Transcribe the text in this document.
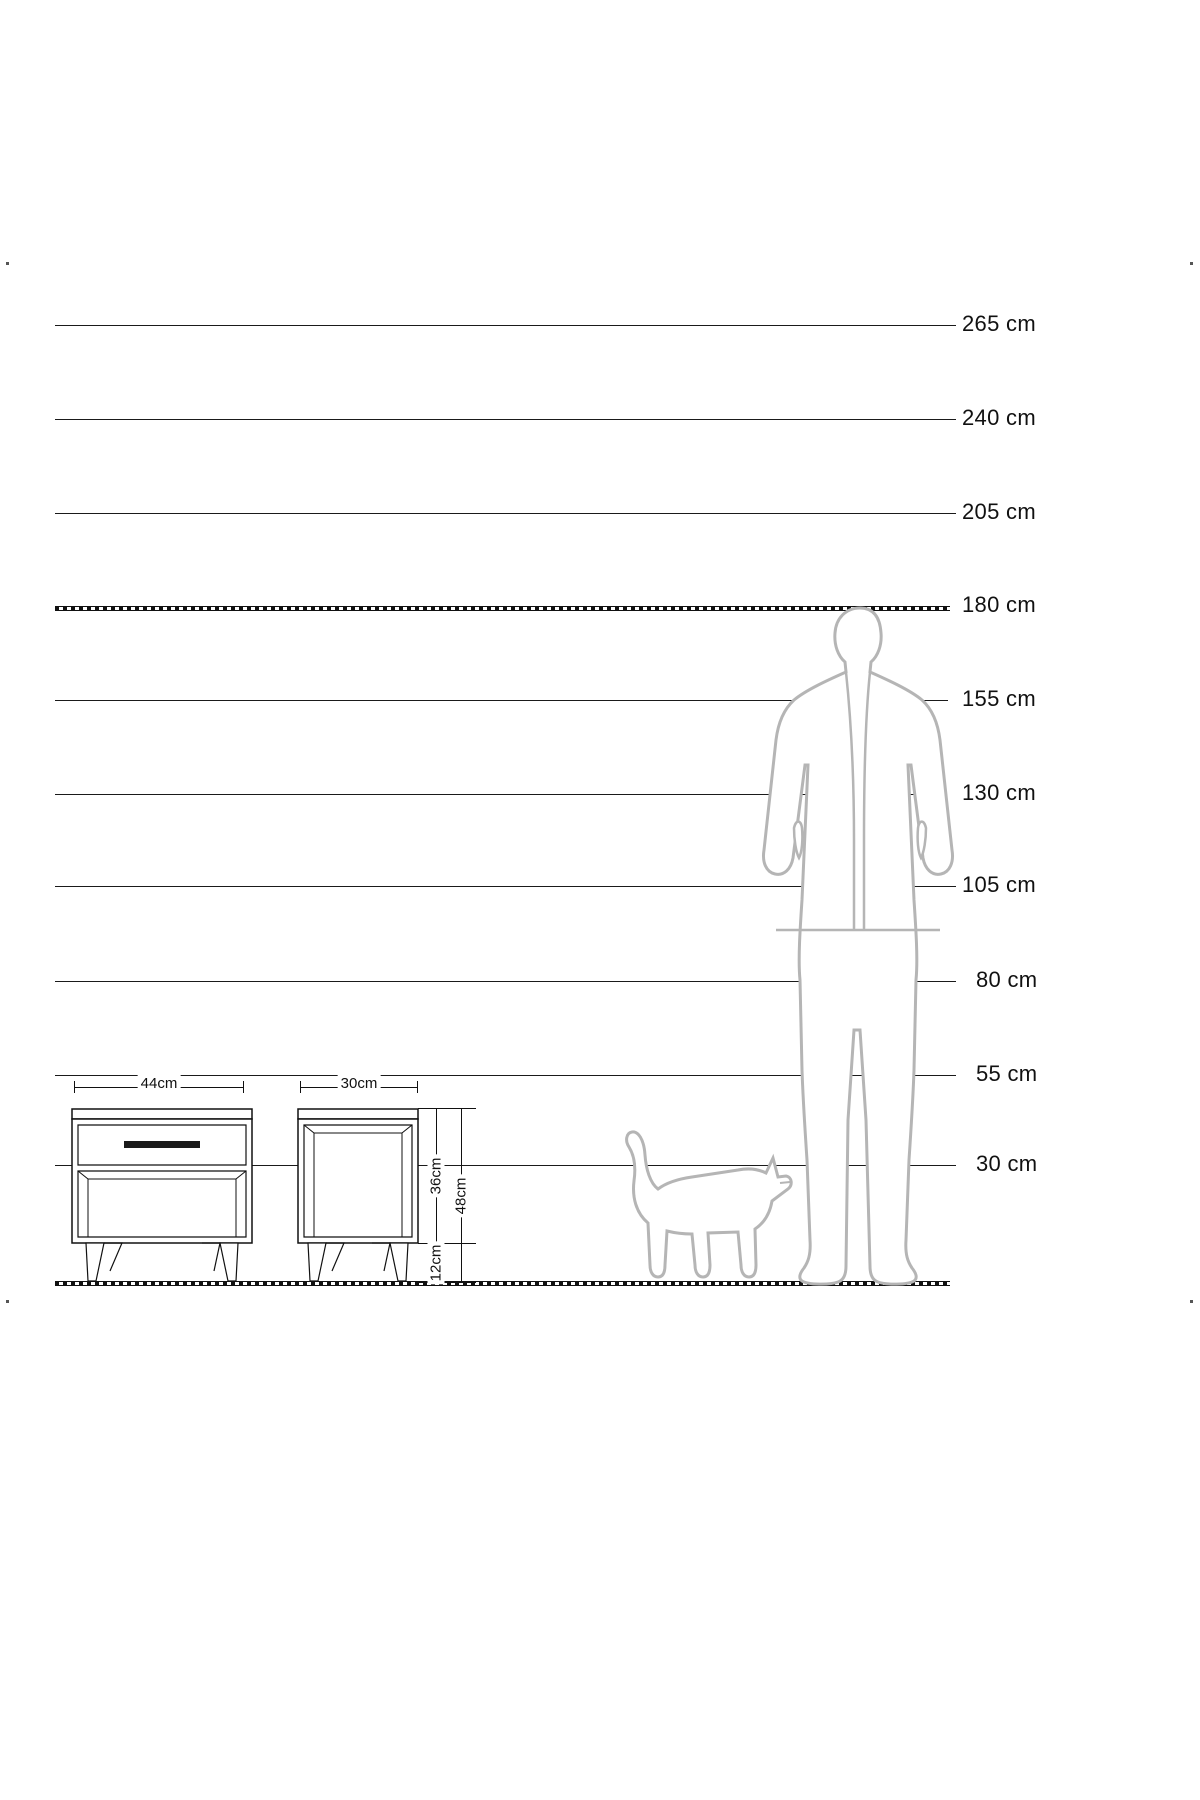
265 cm
240 cm
205 cm
180 cm
155 cm
130 cm
105 cm
80 cm
55 cm
30 cm
44cm	30cm
36cm
12cm
48cm
